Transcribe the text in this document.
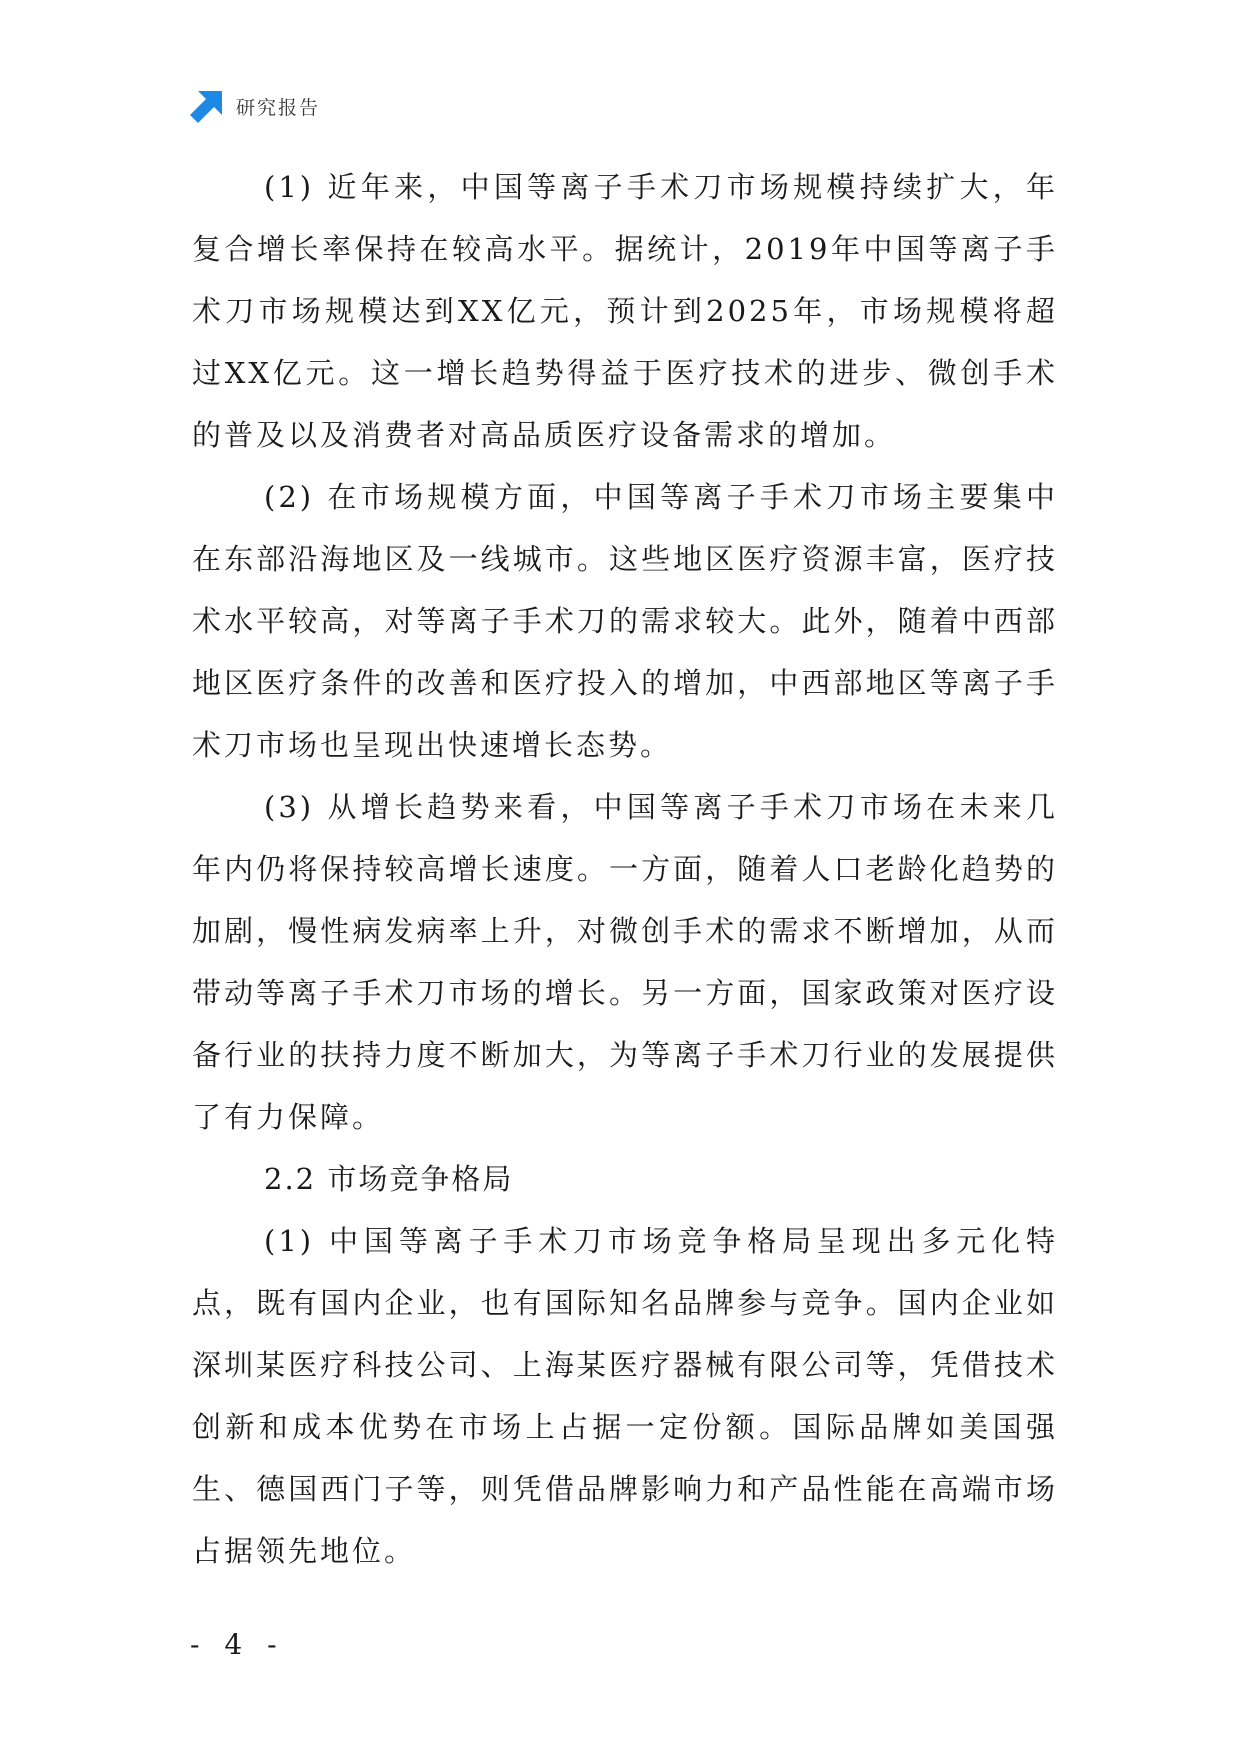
研究报告

(1) 近年来，中国等离子手术刀市场规模持续扩大，年复合增长率保持在较高水平。据统计，2019年中国等离子手术刀市场规模达到XX亿元，预计到2025年，市场规模将超过XX亿元。这一增长趋势得益于医疗技术的进步、微创手术的普及以及消费者对高品质医疗设备需求的增加。

(2) 在市场规模方面，中国等离子手术刀市场主要集中在东部沿海地区及一线城市。这些地区医疗资源丰富，医疗技术水平较高，对等离子手术刀的需求较大。此外，随着中西部地区医疗条件的改善和医疗投入的增加，中西部地区等离子手术刀市场也呈现出快速增长态势。

(3) 从增长趋势来看，中国等离子手术刀市场在未来几年内仍将保持较高增长速度。一方面，随着人口老龄化趋势的加剧，慢性病发病率上升，对微创手术的需求不断增加，从而带动等离子手术刀市场的增长。另一方面，国家政策对医疗设备行业的扶持力度不断加大，为等离子手术刀行业的发展提供了有力保障。

2.2 市场竞争格局

(1) 中国等离子手术刀市场竞争格局呈现出多元化特点，既有国内企业，也有国际知名品牌参与竞争。国内企业如深圳某医疗科技公司、上海某医疗器械有限公司等，凭借技术创新和成本优势在市场上占据一定份额。国际品牌如美国强生、德国西门子等，则凭借品牌影响力和产品性能在高端市场占据领先地位。

- 4 -
